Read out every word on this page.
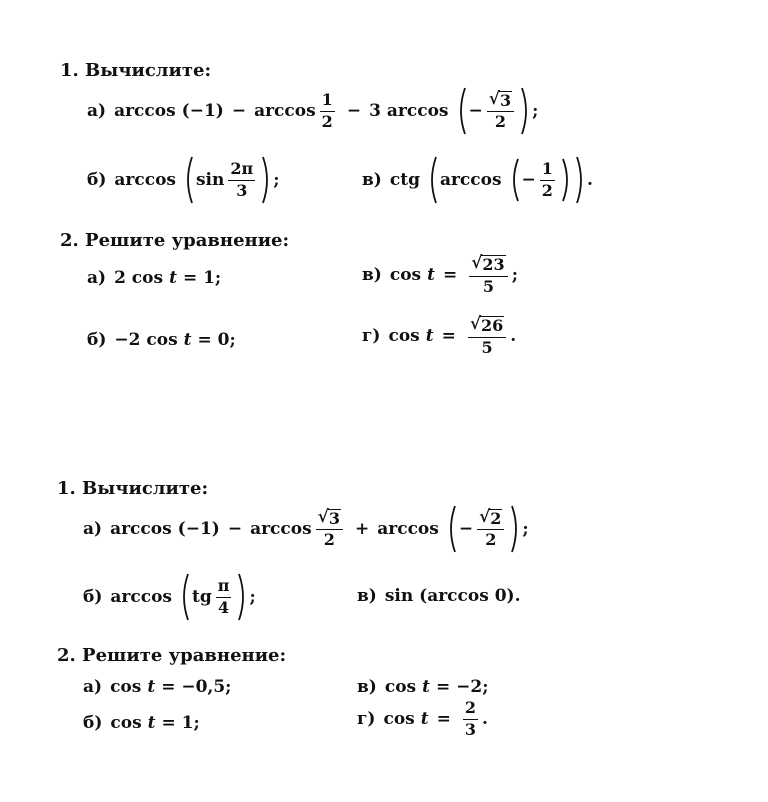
1. Вычислите:
а) $\arccos (-1) - \arccos \frac{1}{2} - 3$ $\arccos - \frac{√ 3}{2}$ ;
б) $\arccos \sin \frac{2\pi}{3}$ ;	в) ctg $\arccos - \frac{1}{2}$ .
2. Решите уравнение:
а) 2 cos t = 1;	в) $\cos t = \frac{√ 23}{5}$ ;
б) −2 cos t = 0;	г) $\cos t = \frac{√ 26}{5}$ .
1. Вычислите:
а) $\arccos (-1) - \arccos \frac{√ 3}{2} + \arccos - \frac{√ 2}{2}$ ;
б) arccos tg $\frac{\pi}{4}$ ;	в) sin (arccos 0).
2. Решите уравнение:
а) cos t = −0,5;	в) cos t = −2;
б) cos t = 1;	г) $\cos t = \frac{2}{3}$ .
